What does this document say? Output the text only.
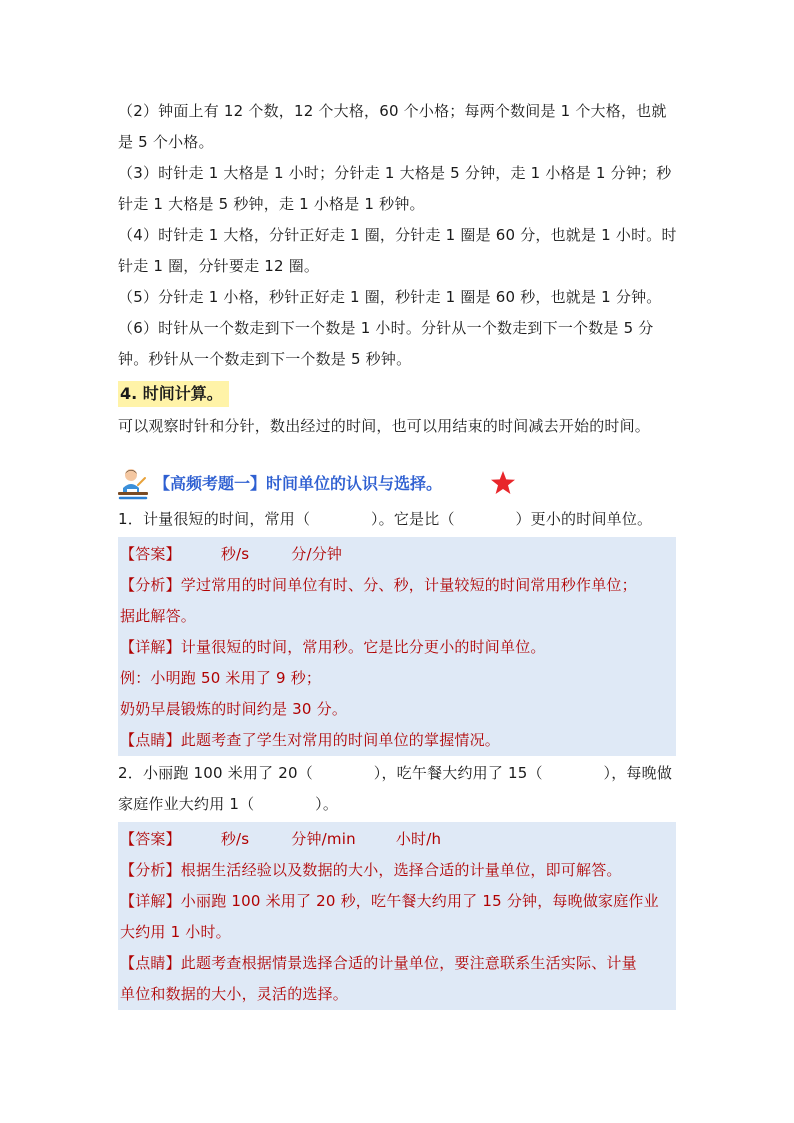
（2）钟面上有 12 个数，12 个大格，60 个小格；每两个数间是 1 个大格，也就

是 5 个小格。

（3）时针走 1 大格是 1 小时；分针走 1 大格是 5 分钟，走 1 小格是 1 分钟；秒

针走 1 大格是 5 秒钟，走 1 小格是 1 秒钟。

（4）时针走 1 大格，分针正好走 1 圈，分针走 1 圈是 60 分，也就是 1 小时。时

针走 1 圈，分针要走 12 圈。

（5）分针走 1 小格，秒针正好走 1 圈，秒针走 1 圈是 60 秒，也就是 1 分钟。

（6）时针从一个数走到下一个数是 1 小时。分针从一个数走到下一个数是 5 分

钟。秒针从一个数走到下一个数是 5 秒钟。

4. 时间计算。

可以观察时针和分针，数出经过的时间，也可以用结束的时间减去开始的时间。

【高频考题一】时间单位的认识与选择。

1．计量很短的时间，常用（　　　　）。它是比（　　　　）更小的时间单位。

【答案】	秒/s	分/分钟

【分析】学过常用的时间单位有时、分、秒，计量较短的时间常用秒作单位；

据此解答。

【详解】计量很短的时间，常用秒。它是比分更小的时间单位。

例：小明跑 50 米用了 9 秒；

奶奶早晨锻炼的时间约是 30 分。

【点睛】此题考查了学生对常用的时间单位的掌握情况。

2．小丽跑 100 米用了 20（　　　　），吃午餐大约用了 15（　　　　），每晚做

家庭作业大约用 1（　　　　）。

【答案】	秒/s	分钟/min	小时/h

【分析】根据生活经验以及数据的大小，选择合适的计量单位，即可解答。

【详解】小丽跑 100 米用了 20 秒，吃午餐大约用了 15 分钟，每晚做家庭作业

大约用 1 小时。

【点睛】此题考查根据情景选择合适的计量单位，要注意联系生活实际、计量

单位和数据的大小，灵活的选择。
